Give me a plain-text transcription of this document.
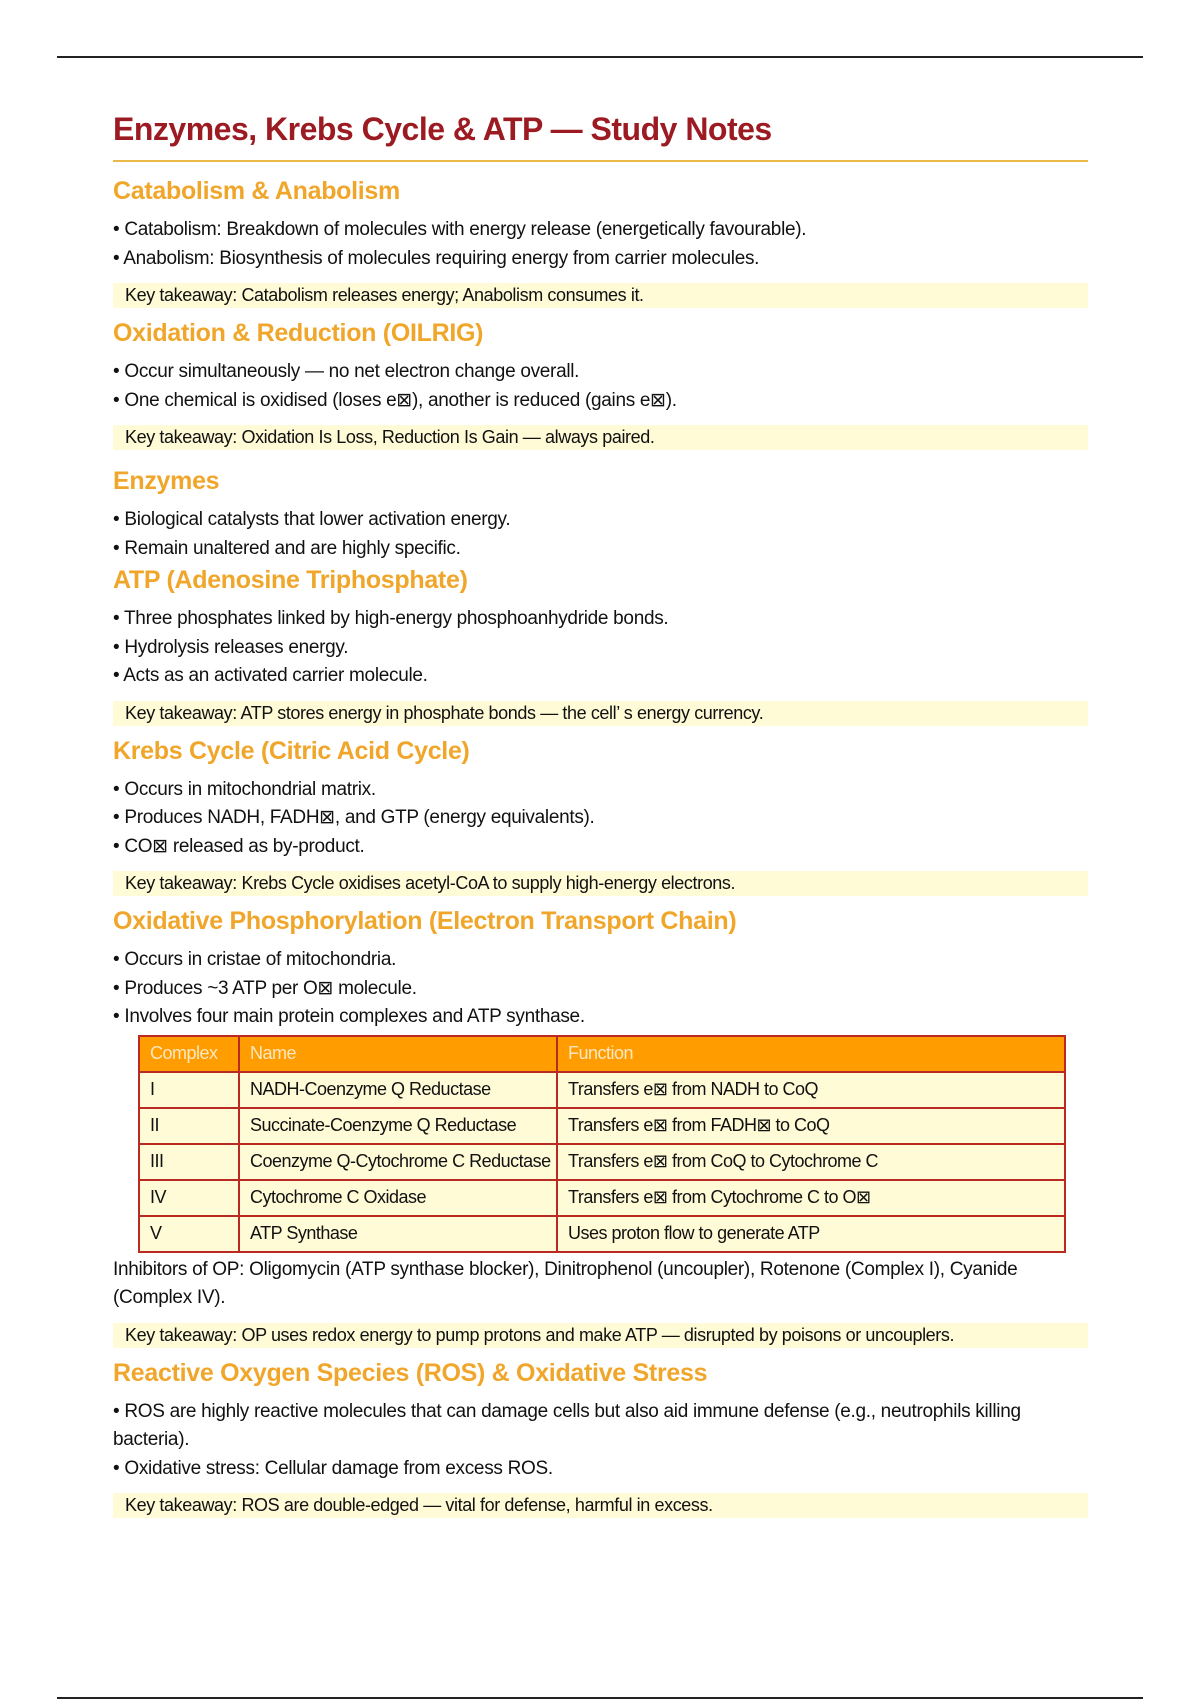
Enzymes, Krebs Cycle & ATP — Study Notes
Catabolism & Anabolism
• Catabolism: Breakdown of molecules with energy release (energetically favourable).
• Anabolism: Biosynthesis of molecules requiring energy from carrier molecules.
Key takeaway: Catabolism releases energy; Anabolism consumes it.
Oxidation & Reduction (OILRIG)
• Occur simultaneously — no net electron change overall.
• One chemical is oxidised (loses e⊠), another is reduced (gains e⊠).
Key takeaway: Oxidation Is Loss, Reduction Is Gain — always paired.
Enzymes
• Biological catalysts that lower activation energy.
• Remain unaltered and are highly specific.
ATP (Adenosine Triphosphate)
• Three phosphates linked by high-energy phosphoanhydride bonds.
• Hydrolysis releases energy.
• Acts as an activated carrier molecule.
Key takeaway: ATP stores energy in phosphate bonds — the cell’ s energy currency.
Krebs Cycle (Citric Acid Cycle)
• Occurs in mitochondrial matrix.
• Produces NADH, FADH⊠, and GTP (energy equivalents).
• CO⊠ released as by-product.
Key takeaway: Krebs Cycle oxidises acetyl-CoA to supply high-energy electrons.
Oxidative Phosphorylation (Electron Transport Chain)
• Occurs in cristae of mitochondria.
• Produces ~3 ATP per O⊠ molecule.
• Involves four main protein complexes and ATP synthase.
Complex	Name	Function
I	NADH-Coenzyme Q Reductase	Transfers e⊠ from NADH to CoQ
II	Succinate-Coenzyme Q Reductase	Transfers e⊠ from FADH⊠ to CoQ
III	Coenzyme Q-Cytochrome C Reductase	Transfers e⊠ from CoQ to Cytochrome C
IV	Cytochrome C Oxidase	Transfers e⊠ from Cytochrome C to O⊠
V	ATP Synthase	Uses proton flow to generate ATP

Inhibitors of OP: Oligomycin (ATP synthase blocker), Dinitrophenol (uncoupler), Rotenone (Complex I), Cyanide (Complex IV).

Key takeaway: OP uses redox energy to pump protons and make ATP — disrupted by poisons or uncouplers.
Reactive Oxygen Species (ROS) & Oxidative Stress
• ROS are highly reactive molecules that can damage cells but also aid immune defense (e.g., neutrophils killing bacteria).
• Oxidative stress: Cellular damage from excess ROS.
Key takeaway: ROS are double-edged — vital for defense, harmful in excess.
